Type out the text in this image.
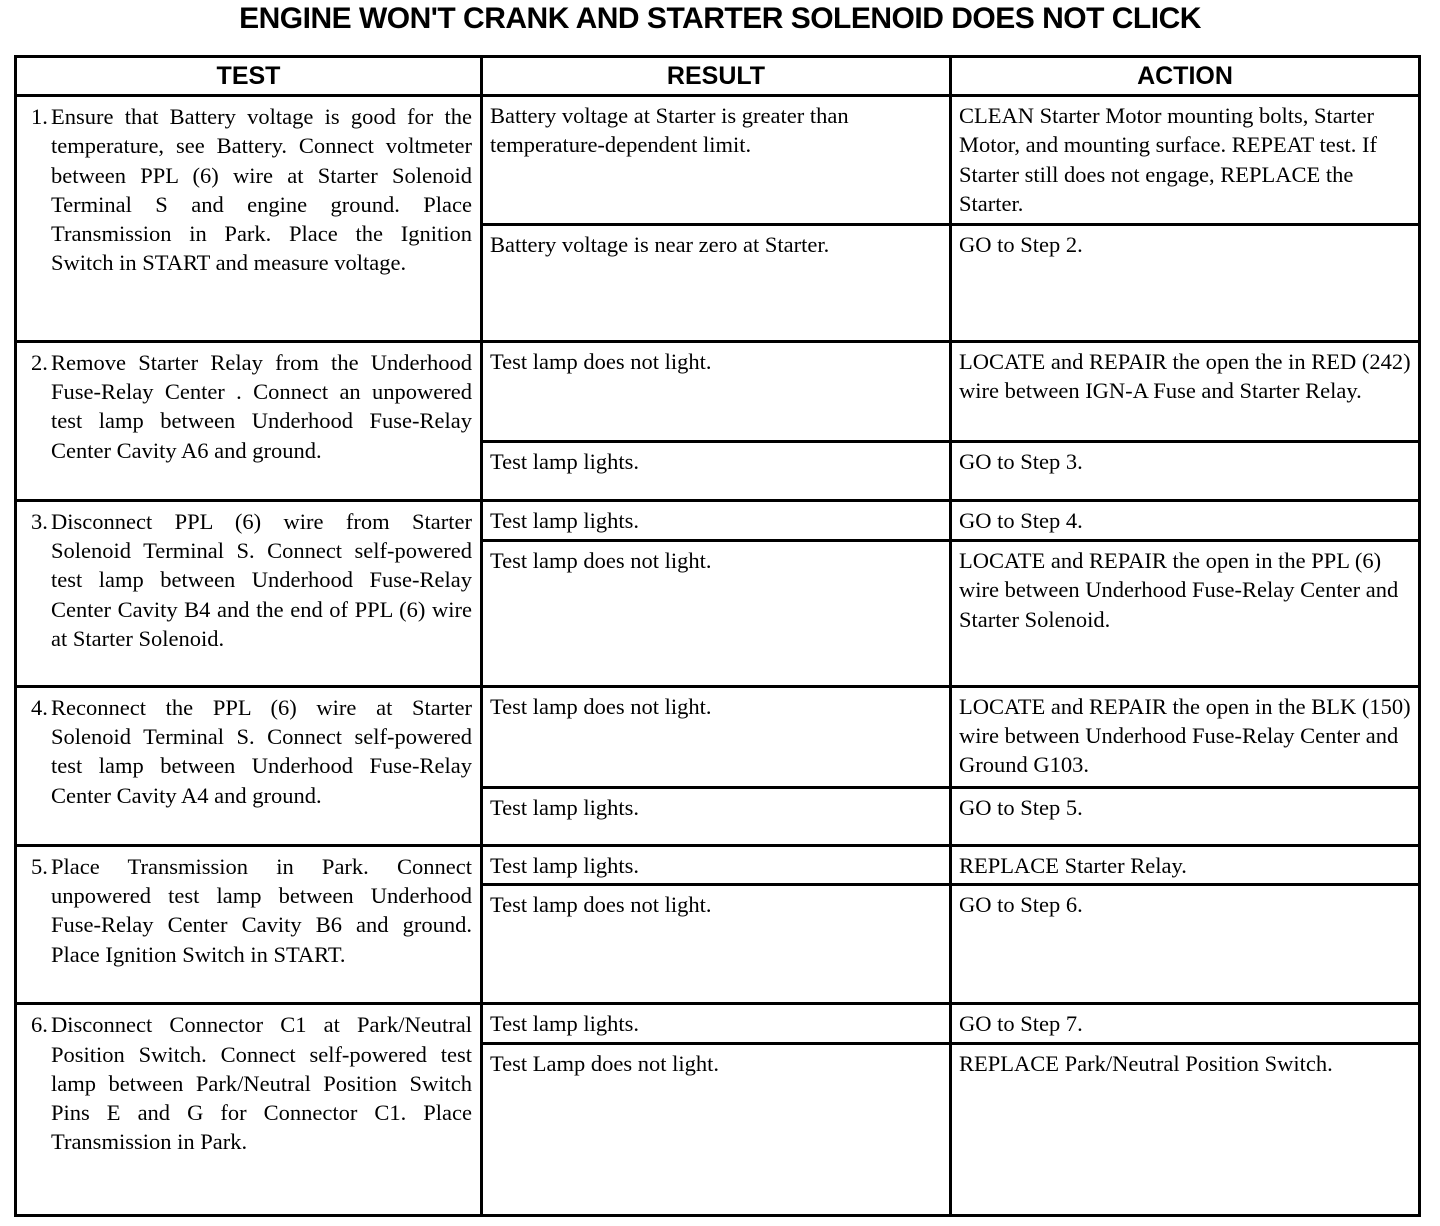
ENGINE WON'T CRANK AND STARTER SOLENOID DOES NOT CLICK
TEST	RESULT	ACTION

1. Ensure that Battery voltage is good for the temperature, see Battery. Connect voltmeter between PPL (6) wire at Starter Solenoid Terminal S and engine ground. Place Transmission in Park. Place the Ignition Switch in START and measure voltage.	Battery voltage at Starter is greater than temperature-dependent limit.	CLEAN Starter Motor mounting bolts, Starter Motor, and mounting surface. REPEAT test. If Starter still does not engage, REPLACE the Starter.
	Battery voltage is near zero at Starter.	GO to Step 2.

2. Remove Starter Relay from the Underhood Fuse-Relay Center . Connect an unpowered test lamp between Underhood Fuse-Relay Center Cavity A6 and ground.	Test lamp does not light.	LOCATE and REPAIR the open the in RED (242) wire between IGN-A Fuse and Starter Relay.
	Test lamp lights.	GO to Step 3.

3. Disconnect PPL (6) wire from Starter Solenoid Terminal S. Connect self-powered test lamp between Underhood Fuse-Relay Center Cavity B4 and the end of PPL (6) wire at Starter Solenoid.	Test lamp lights.	GO to Step 4.
	Test lamp does not light.	LOCATE and REPAIR the open in the PPL (6) wire between Underhood Fuse-Relay Center and Starter Solenoid.

4. Reconnect the PPL (6) wire at Starter Solenoid Terminal S. Connect self-powered test lamp between Underhood Fuse-Relay Center Cavity A4 and ground.	Test lamp does not light.	LOCATE and REPAIR the open in the BLK (150) wire between Underhood Fuse-Relay Center and Ground G103.
	Test lamp lights.	GO to Step 5.

5. Place Transmission in Park. Connect unpowered test lamp between Underhood Fuse-Relay Center Cavity B6 and ground. Place Ignition Switch in START.	Test lamp lights.	REPLACE Starter Relay.
	Test lamp does not light.	GO to Step 6.

6. Disconnect Connector C1 at Park/Neutral Position Switch. Connect self-powered test lamp between Park/Neutral Position Switch Pins E and G for Connector C1. Place Transmission in Park.	Test lamp lights.	GO to Step 7.
	Test Lamp does not light.	REPLACE Park/Neutral Position Switch.
